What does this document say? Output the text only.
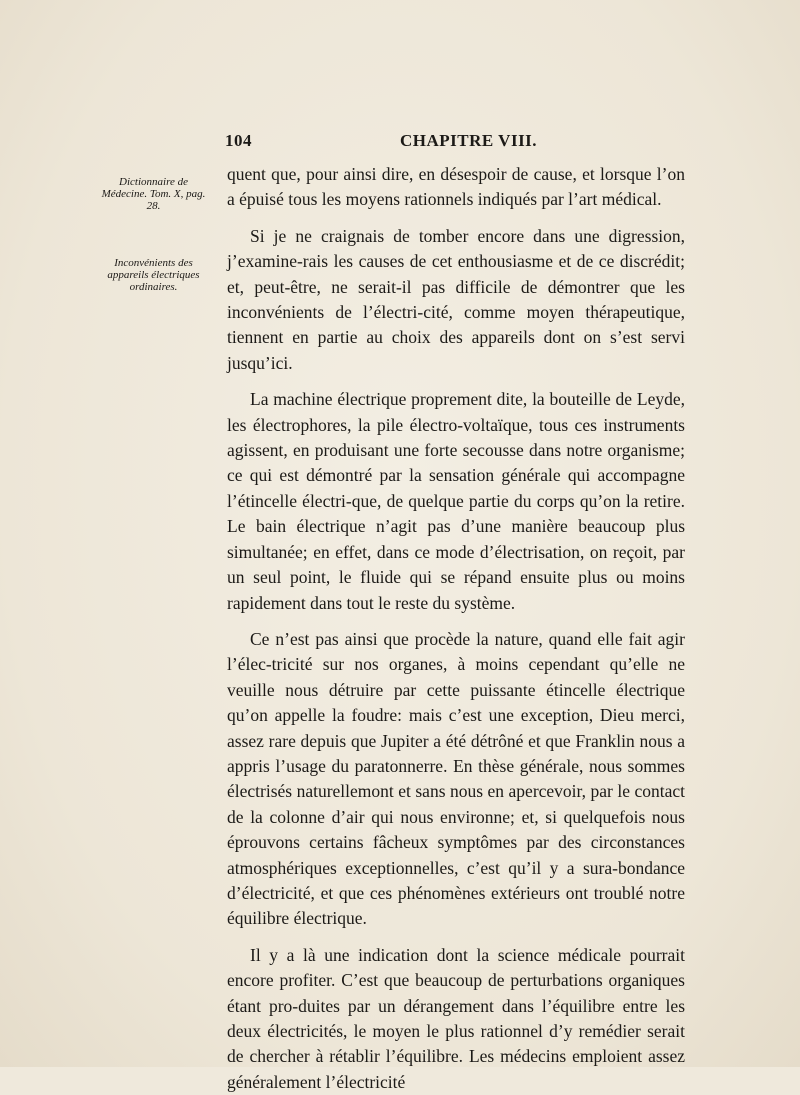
104	CHAPITRE VIII.
Dictionnaire de Médecine. Tom. X, pag. 28.
Inconvénients des appareils électriques ordinaires.

quent que, pour ainsi dire, en désespoir de cause, et lorsque l’on a épuisé tous les moyens rationnels indiqués par l’art médical.

Si je ne craignais de tomber encore dans une digression, j’examine-rais les causes de cet enthousiasme et de ce discrédit; et, peut-être, ne serait-il pas difficile de démontrer que les inconvénients de l’électri-cité, comme moyen thérapeutique, tiennent en partie au choix des appareils dont on s’est servi jusqu’ici.

La machine électrique proprement dite, la bouteille de Leyde, les électrophores, la pile électro-voltaïque, tous ces instruments agissent, en produisant une forte secousse dans notre organisme; ce qui est démontré par la sensation générale qui accompagne l’étincelle électri-que, de quelque partie du corps qu’on la retire. Le bain électrique n’agit pas d’une manière beaucoup plus simultanée; en effet, dans ce mode d’électrisation, on reçoit, par un seul point, le fluide qui se répand ensuite plus ou moins rapidement dans tout le reste du système.

Ce n’est pas ainsi que procède la nature, quand elle fait agir l’élec-tricité sur nos organes, à moins cependant qu’elle ne veuille nous détruire par cette puissante étincelle électrique qu’on appelle la foudre: mais c’est une exception, Dieu merci, assez rare depuis que Jupiter a été détrôné et que Franklin nous a appris l’usage du paratonnerre. En thèse générale, nous sommes électrisés naturellemont et sans nous en apercevoir, par le contact de la colonne d’air qui nous environne; et, si quelquefois nous éprouvons certains fâcheux symptômes par des circonstances atmosphériques exceptionnelles, c’est qu’il y a sura-bondance d’électricité, et que ces phénomènes extérieurs ont troublé notre équilibre électrique.

Il y a là une indication dont la science médicale pourrait encore profiter. C’est que beaucoup de perturbations organiques étant pro-duites par un dérangement dans l’équilibre entre les deux électricités, le moyen le plus rationnel d’y remédier serait de chercher à rétablir l’équilibre. Les médecins emploient assez généralement l’électricité
